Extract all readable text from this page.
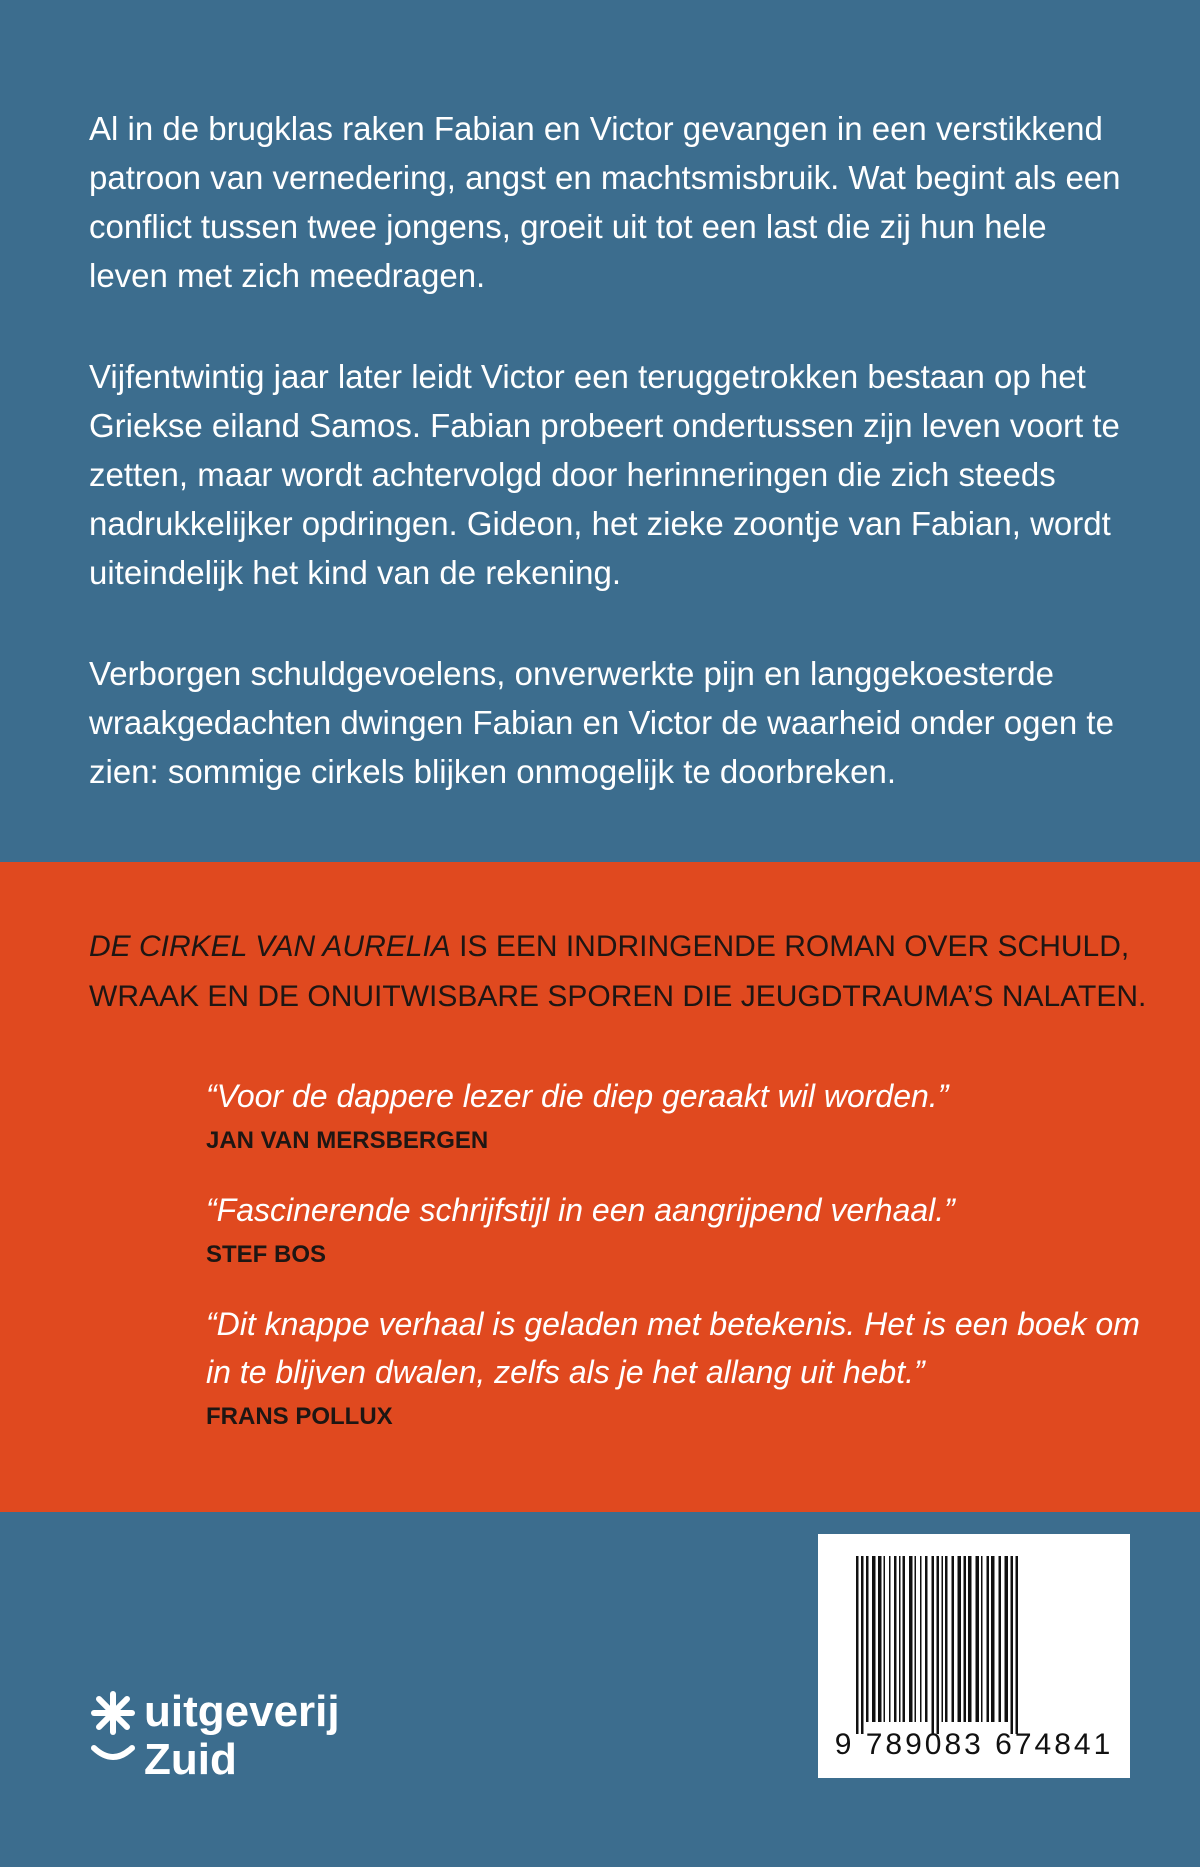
Al in de brugklas raken Fabian en Victor gevangen in een verstikkend patroon van vernedering, angst en machtsmisbruik. Wat begint als een conflict tussen twee jongens, groeit uit tot een last die zij hun hele leven met zich meedragen.

Vijfentwintig jaar later leidt Victor een teruggetrokken bestaan op het Griekse eiland Samos. Fabian probeert ondertussen zijn leven voort te zetten, maar wordt achtervolgd door herinneringen die zich steeds nadrukkelijker opdringen. Gideon, het zieke zoontje van Fabian, wordt uiteindelijk het kind van de rekening.

Verborgen schuldgevoelens, onverwerkte pijn en langgekoesterde wraakgedachten dwingen Fabian en Victor de waarheid onder ogen te zien: sommige cirkels blijken onmogelijk te doorbreken.

DE CIRKEL VAN AURELIA IS EEN INDRINGENDE ROMAN OVER SCHULD, WRAAK EN DE ONUITWISBARE SPOREN DIE JEUGDTRAUMA’S NALATEN.

“Voor de dappere lezer die diep geraakt wil worden.”

JAN VAN MERSBERGEN

“Fascinerende schrijfstijl in een aangrijpend verhaal.”

STEF BOS

“Dit knappe verhaal is geladen met betekenis. Het is een boek om in te blijven dwalen, zelfs als je het allang uit hebt.”

FRANS POLLUX

uitgeverij
Zuid	9 789083 674841
